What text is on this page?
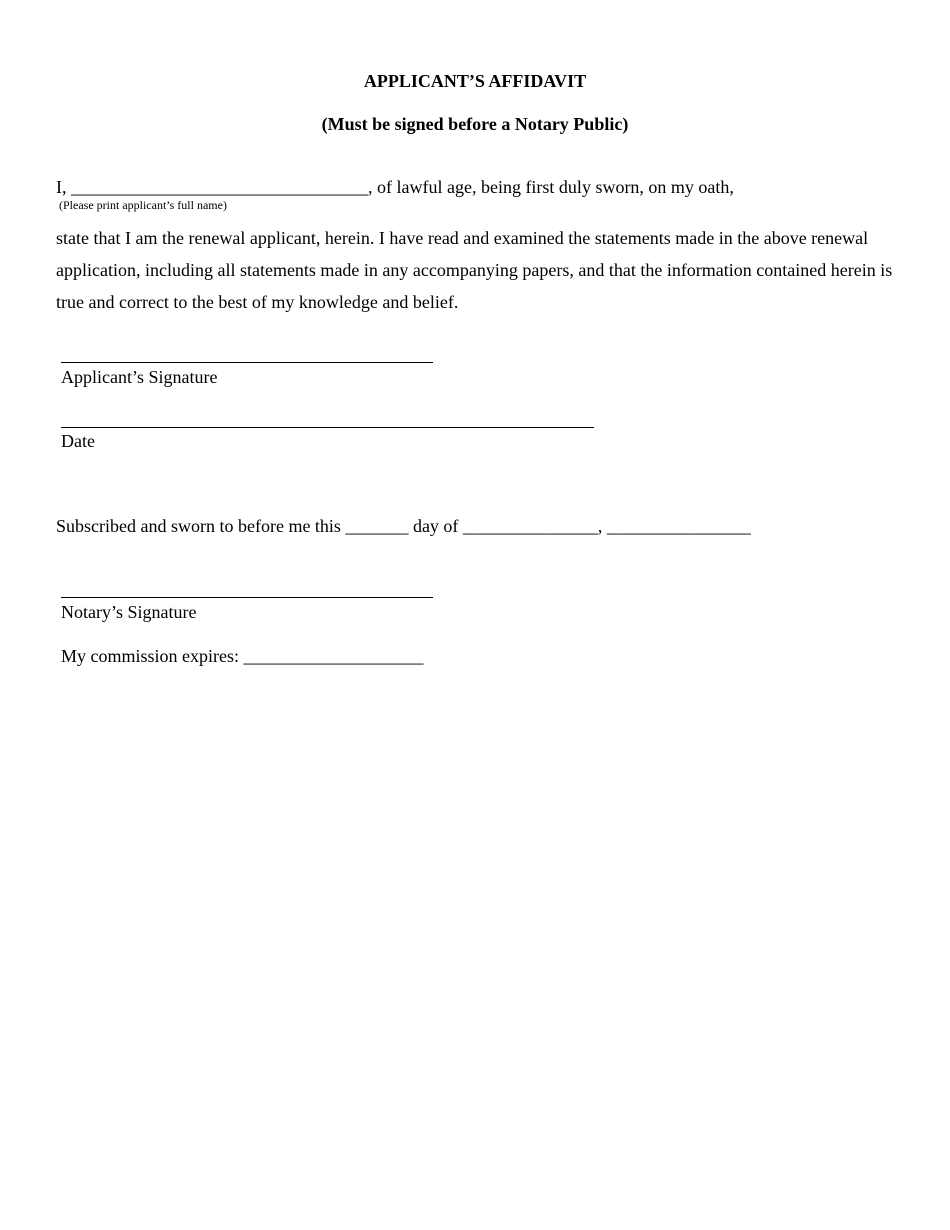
APPLICANT’S AFFIDAVIT
(Must be signed before a Notary Public)
I, _________________________________, of lawful age, being first duly sworn, on my oath,
(Please print applicant’s full name)
state that I am the renewal applicant, herein. I have read and examined the statements made in the above renewal application, including all statements made in any accompanying papers, and that the information contained herein is true and correct to the best of my knowledge and belief.
Applicant’s Signature
Date
Subscribed and sworn to before me this _______ day of _______________, ________________
Notary’s Signature
My commission expires: ____________________
